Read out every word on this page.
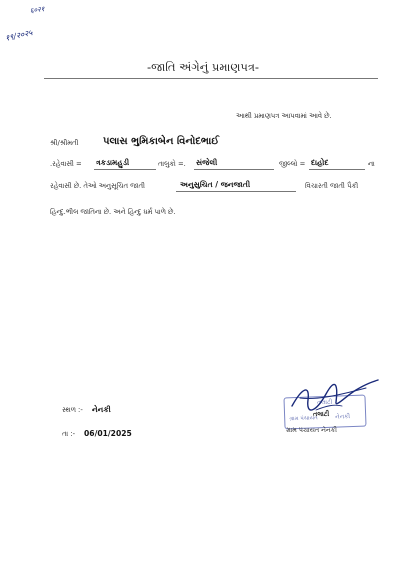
६०२१
१९/२०२५
-જાતિ અંગેનું પ્રમાણપત્ર-
આથી પ્રમાણપત્ર આપવામાં આવે છે.
શ્રી/શ્રીમતી પલાસ ભુમિકાબેન વિનોદભાઈ
.રહેવાસી = ત્રકડામહુડી	તાલુકો =. સંજેલી	જીલ્લો = દાહોદ	ના
રહેવાસી છે. તેઓ અનુસૂચિત જાતી	અનુસુચિત / જનજાતી	વિચારતી જાતી પૈકી
હિન્દુ.ભીલ જાતિના છે. અને હિન્દુ ધર્મ પાળે છે.
સ્થળ :- નેનકી
તા :- 06/01/2025
તલાટી
ગ્રામ પંચાયત	નેનકી
તલાટી
ગ્રામ પંચાયત નેનકી
